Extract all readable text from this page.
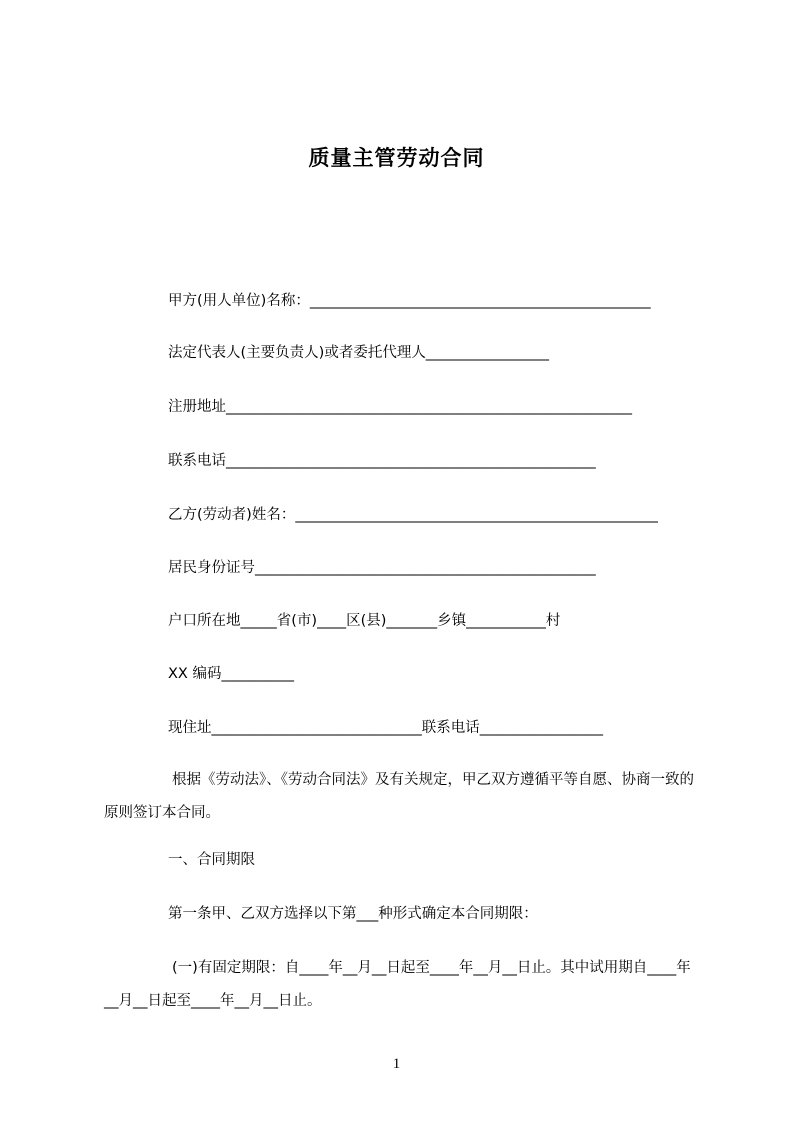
质量主管劳动合同
甲方(用人单位)名称：_______________________________________________
法定代表人(主要负责人)或者委托代理人_________________
注册地址________________________________________________________
联系电话___________________________________________________
乙方(劳动者)姓名：__________________________________________________
居民身份证号_______________________________________________
户口所在地_____省(市)____区(县)_______乡镇___________村
XX 编码__________
现住址_____________________________联系电话_________________
根据《劳动法》、《劳动合同法》及有关规定，甲乙双方遵循平等自愿、协商一致的原则签订本合同。
一、合同期限
第一条甲、乙双方选择以下第___种形式确定本合同期限：
(一)有固定期限：自____年__月__日起至____年__月__日止。其中试用期自____年__月__日起至____年__月__日止。
1
